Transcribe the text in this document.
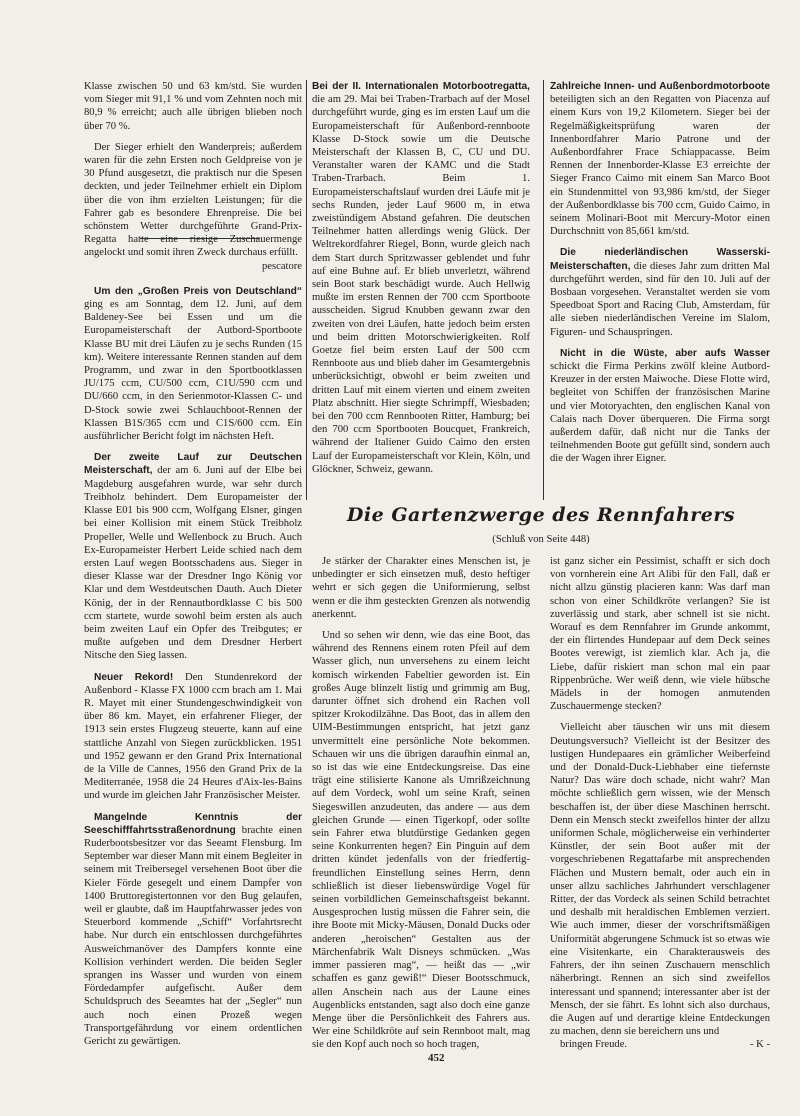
Klasse zwischen 50 und 63 km/std. Sie wurden vom Sieger mit 91,1 % und vom Zehnten noch mit 80,9 % erreicht; auch alle übrigen blieben noch über 70 %.

Der Sieger erhielt den Wanderpreis; außerdem waren für die zehn Ersten noch Geldpreise von je 30 Pfund ausgesetzt, die praktisch nur die Spesen deckten, und jeder Teilnehmer erhielt ein Diplom über die von ihm erzielten Leistungen; für die Fahrer gab es besondere Ehrenpreise. Die bei schönstem Wetter durchgeführte Grand-Prix-Regatta hatte eine riesige Zuschauermenge angelockt und somit ihren Zweck durchaus erfüllt.
pescatore

Um den „Großen Preis von Deutschland“ ging es am Sonntag, dem 12. Juni, auf dem Baldeney-See bei Essen und um die Europameisterschaft der Autbord-Sportboote Klasse BU mit drei Läufen zu je sechs Runden (15 km). Weitere interessante Rennen standen auf dem Programm, und zwar in den Sportbootklassen JU/175 ccm, CU/500 ccm, C1U/590 ccm und DU/660 ccm, in den Serienmotor-Klassen C- und D-Stock sowie zwei Schlauchboot-Rennen der Klassen B1S/365 ccm und C1S/600 ccm. Ein ausführlicher Bericht folgt im nächsten Heft.

Der zweite Lauf zur Deutschen Meisterschaft, der am 6. Juni auf der Elbe bei Magdeburg ausgefahren wurde, war sehr durch Treibholz behindert. Dem Europameister der Klasse E01 bis 900 ccm, Wolfgang Elsner, gingen bei einer Kollision mit einem Stück Treibholz Propeller, Welle und Wellenbock zu Bruch. Auch Ex-Europameister Herbert Leide schied nach dem ersten Lauf wegen Bootsschadens aus. Sieger in dieser Klasse war der Dresdner Ingo König vor Klar und dem Westdeutschen Dauth. Auch Dieter König, der in der Rennautbordklasse C bis 500 ccm startete, wurde sowohl beim ersten als auch beim zweiten Lauf ein Opfer des Treibgutes; er mußte aufgeben und dem Dresdner Herbert Nitsche den Sieg lassen.

Neuer Rekord! Den Stundenrekord der Außenbord - Klasse FX 1000 ccm brach am 1. Mai R. Mayet mit einer Stundengeschwindigkeit von über 86 km. Mayet, ein erfahrener Flieger, der 1913 sein erstes Flugzeug steuerte, kann auf eine stattliche Anzahl von Siegen zurückblicken. 1951 und 1952 gewann er den Grand Prix International de la Ville de Cannes, 1956 den Grand Prix de la Mediterranée, 1958 die 24 Heures d'Aix-les-Bains und wurde im gleichen Jahr Französischer Meister.

Mangelnde Kenntnis der Seeschifffahrtsstraßenordnung brachte einen Ruderbootsbesitzer vor das Seeamt Flensburg. Im September war dieser Mann mit einem Begleiter in seinem mit Treibersegel versehenen Boot über die Kieler Förde gesegelt und einem Dampfer von 1400 Bruttoregistertonnen vor den Bug gelaufen, weil er glaubte, daß im Hauptfahrwasser jedes von Steuerbord kommende „Schiff“ Vorfahrtsrecht habe. Nur durch ein entschlossen durchgeführtes Ausweichmanöver des Dampfers konnte eine Kollision verhindert werden. Die beiden Segler sprangen ins Wasser und wurden von einem Fördedampfer aufgefischt. Außer dem Schuldspruch des Seeamtes hat der „Segler“ nun auch noch einen Prozeß wegen Transportgefährdung vor einem ordentlichen Gericht zu gewärtigen.

Bei der II. Internationalen Motorbootregatta, die am 29. Mai bei Traben-Trarbach auf der Mosel durchgeführt wurde, ging es im ersten Lauf um die Europameisterschaft für Außenbord-rennboote Klasse D-Stock sowie um die Deutsche Meisterschaft der Klassen B, C, CU und DU. Veranstalter waren der KAMC und die Stadt Traben-Trarbach. Beim 1. Europameisterschaftslauf wurden drei Läufe mit je sechs Runden, jeder Lauf 9600 m, in etwa zweistündigem Abstand gefahren. Die deutschen Teilnehmer hatten allerdings wenig Glück. Der Weltrekordfahrer Riegel, Bonn, wurde gleich nach dem Start durch Spritzwasser geblendet und fuhr auf eine Buhne auf. Er blieb unverletzt, während sein Boot stark beschädigt wurde. Auch Hellwig mußte im ersten Rennen der 700 ccm Sportboote ausscheiden. Sigrud Knubben gewann zwar den zweiten von drei Läufen, hatte jedoch beim ersten und beim dritten Motorschwierigkeiten. Rolf Goetze fiel beim ersten Lauf der 500 ccm Rennboote aus und blieb daher im Gesamtergebnis unberücksichtigt, obwohl er beim zweiten und dritten Lauf mit einem vierten und einem zweiten Platz abschnitt. Hier siegte Schrimpff, Wiesbaden; bei den 700 ccm Rennbooten Ritter, Hamburg; bei den 700 ccm Sportbooten Boucquet, Frankreich, während der Italiener Guido Caimo den ersten Lauf der Europameisterschaft vor Klein, Köln, und Glöckner, Schweiz, gewann.

Zahlreiche Innen- und Außenbordmotorboote beteiligten sich an den Regatten von Piacenza auf einem Kurs von 19,2 Kilometern. Sieger bei der Regelmäßigkeitsprüfung waren der Innenbordfahrer Mario Patrone und der Außenbordfahrer Frace Schiappacasse. Beim Rennen der Innenborder-Klasse E3 erreichte der Sieger Franco Caimo mit einem San Marco Boot ein Stundenmittel von 93,986 km/std, der Sieger der Außenbordklasse bis 700 ccm, Guido Caimo, in seinem Molinari-Boot mit Mercury-Motor einen Durchschnitt von 85,661 km/std.

Die niederländischen Wasserski-Meisterschaften, die dieses Jahr zum dritten Mal durchgeführt werden, sind für den 10. Juli auf der Bosbaan vorgesehen. Veranstaltet werden sie vom Speedboat Sport and Racing Club, Amsterdam, für alle sieben niederländischen Vereine im Slalom, Figuren- und Schauspringen.

Nicht in die Wüste, aber aufs Wasser schickt die Firma Perkins zwölf kleine Autbord-Kreuzer in der ersten Maiwoche. Diese Flotte wird, begleitet von Schiffen der französischen Marine und vier Motoryachten, den englischen Kanal von Calais nach Dover überqueren. Die Firma sorgt außerdem dafür, daß nicht nur die Tanks der teilnehmenden Boote gut gefüllt sind, sondern auch die der Wagen ihrer Eigner.

Die Gartenzwerge des Rennfahrers
(Schluß von Seite 448)

Je stärker der Charakter eines Menschen ist, je unbedingter er sich einsetzen muß, desto heftiger wehrt er sich gegen die Uniformierung, selbst wenn er die ihm gesteckten Grenzen als notwendig anerkennt.

Und so sehen wir denn, wie das eine Boot, das während des Rennens einem roten Pfeil auf dem Wasser glich, nun unversehens zu einem leicht komisch wirkenden Fabeltier geworden ist. Ein großes Auge blinzelt listig und grimmig am Bug, darunter öffnet sich drohend ein Rachen voll spitzer Krokodilzähne. Das Boot, das in allem den UIM-Bestimmungen entspricht, hat jetzt ganz unvermittelt eine persönliche Note bekommen. Schauen wir uns die übrigen daraufhin einmal an, so ist das wie eine Entdeckungsreise. Das eine trägt eine stilisierte Kanone als Umrißzeichnung auf dem Vordeck, wohl um seine Kraft, seinen Siegeswillen anzudeuten, das andere — aus dem gleichen Grunde — einen Tigerkopf, oder sollte sein Fahrer etwa blutdürstige Gedanken gegen seine Konkurrenten hegen? Ein Pinguin auf dem dritten kündet jedenfalls von der friedfertig-freundlichen Einstellung seines Herrn, denn schließlich ist dieser liebenswürdige Vogel für seinen vorbildlichen Gemeinschaftsgeist bekannt. Ausgesprochen lustig müssen die Fahrer sein, die ihre Boote mit Micky-Mäusen, Donald Ducks oder anderen „heroischen“ Gestalten aus der Märchenfabrik Walt Disneys schmücken. „Was immer passieren mag“, — heißt das — „wir schaffen es ganz gewiß!“ Dieser Bootsschmuck, allen Anschein nach aus der Laune eines Augenblicks entstanden, sagt also doch eine ganze Menge über die Persönlichkeit des Fahrers aus. Wer eine Schildkröte auf sein Rennboot malt, mag sie den Kopf auch noch so hoch tragen,

ist ganz sicher ein Pessimist, schafft er sich doch von vornherein eine Art Alibi für den Fall, daß er nicht allzu günstig placieren kann: Was darf man schon von einer Schildkröte verlangen? Sie ist zuverlässig und stark, aber schnell ist sie nicht. Worauf es dem Rennfahrer im Grunde ankommt, der ein flirtendes Hundepaar auf dem Deck seines Bootes verewigt, ist ziemlich klar. Ach ja, die Liebe, dafür riskiert man schon mal ein paar Rippenbrüche. Wer weiß denn, wie viele hübsche Mädels in der homogen anmutenden Zuschauermenge stecken?

Vielleicht aber täuschen wir uns mit diesem Deutungsversuch? Vielleicht ist der Besitzer des lustigen Hundepaares ein grämlicher Weiberfeind und der Donald-Duck-Liebhaber eine tiefernste Natur? Das wäre doch schade, nicht wahr? Man möchte schließlich gern wissen, wie der Mensch beschaffen ist, der über diese Maschinen herrscht. Denn ein Mensch steckt zweifellos hinter der allzu uniformen Schale, möglicherweise ein verhinderter Künstler, der sein Boot außer mit der vorgeschriebenen Regattafarbe mit ansprechenden Flächen und Mustern bemalt, oder auch ein in unser allzu sachliches Jahrhundert verschlagener Ritter, der das Vordeck als seinen Schild betrachtet und deshalb mit heraldischen Emblemen verziert. Wie auch immer, dieser der vorschriftsmäßigen Uniformität abgerungene Schmuck ist so etwas wie eine Visitenkarte, ein Charakterausweis des Fahrers, der ihn seinen Zuschauern menschlich näherbringt. Rennen an sich sind zweifellos interessant und spannend; interessanter aber ist der Mensch, der sie fährt. Es lohnt sich also durchaus, die Augen auf und derartige kleine Entdeckungen zu machen, denn sie bereichern uns und
bringen Freude.	- K -

452
